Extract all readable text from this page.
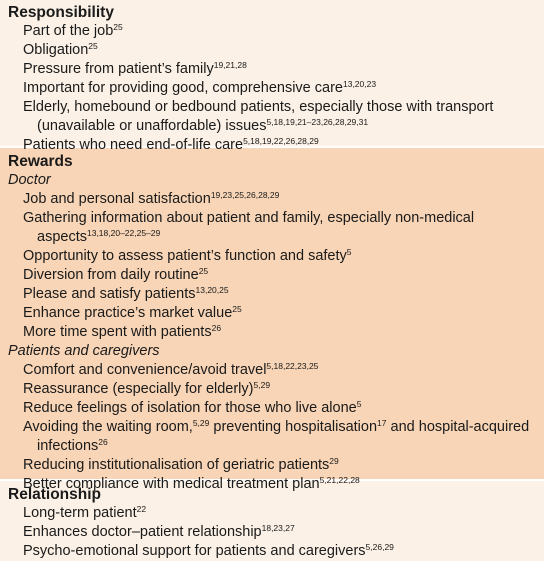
Responsibility
Part of the job$^{25}$
Obligation$^{25}$
Pressure from patient’s family$^{19,21,28}$
Important for providing good, comprehensive care$^{13,20,23}$
Elderly, homebound or bedbound patients, especially those with transport (unavailable or unaffordable) issues$^{5,18,19,21-23,26,28,29,31}$
Patients who need end-of-life care$^{5,18,19,22,26,28,29}$
Rewards
Doctor
Job and personal satisfaction$^{19,23,25,26,28,29}$
Gathering information about patient and family, especially non-medical aspects$^{13,18,20-22,25-29}$
Opportunity to assess patient’s function and safety$^5$
Diversion from daily routine$^{25}$
Please and satisfy patients$^{13,20,25}$
Enhance practice’s market value$^{25}$
More time spent with patients$^{26}$
Patients and caregivers
Comfort and convenience/avoid travel$^{5,18,22,23,25}$
Reassurance (especially for elderly)$^{5,29}$
Reduce feelings of isolation for those who live alone$^5$
Avoiding the waiting room,$^{5,29}$ preventing hospitalisation$^{17}$ and hospital-acquired infections$^{26}$
Reducing institutionalisation of geriatric patients$^{29}$
Better compliance with medical treatment plan$^{5,21,22,28}$
Relationship
Long-term patient$^{22}$
Enhances doctor–patient relationship$^{18,23,27}$
Psycho-emotional support for patients and caregivers$^{5,26,29}$
